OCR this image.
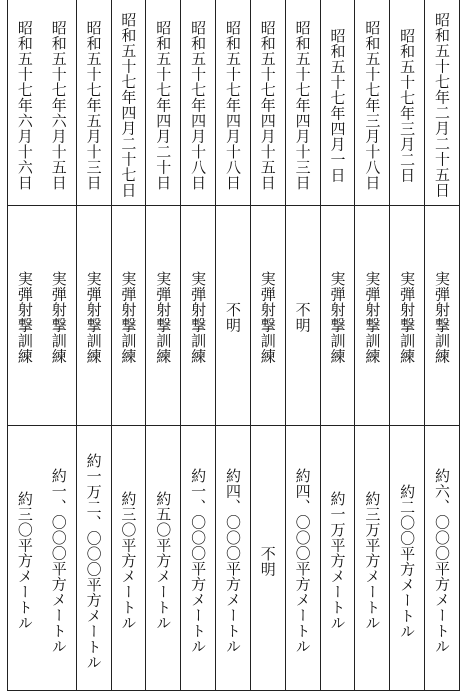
昭和五十七年二月二十五日
実弾射撃訓練
約六、〇〇〇平方メートル
昭和五十七年三月二日
実弾射撃訓練
約二〇〇平方メートル
昭和五十七年三月十八日
実弾射撃訓練
約三万平方メートル
昭和五十七年四月一日
実弾射撃訓練
約一万平方メートル
昭和五十七年四月十三日
不明
約四、〇〇〇平方メートル
昭和五十七年四月十五日
実弾射撃訓練
不明
昭和五十七年四月十八日
不明
約四、〇〇〇平方メートル
昭和五十七年四月十八日
実弾射撃訓練
約一、〇〇〇平方メートル
昭和五十七年四月二十日
実弾射撃訓練
約五〇平方メートル
昭和五十七年四月二十七日
実弾射撃訓練
約三〇平方メートル
昭和五十七年五月十三日
実弾射撃訓練
約一万二、〇〇〇平方メートル
昭和五十七年六月十五日
実弾射撃訓練
約一、〇〇〇平方メートル
昭和五十七年六月十六日
実弾射撃訓練
約三〇平方メートル
